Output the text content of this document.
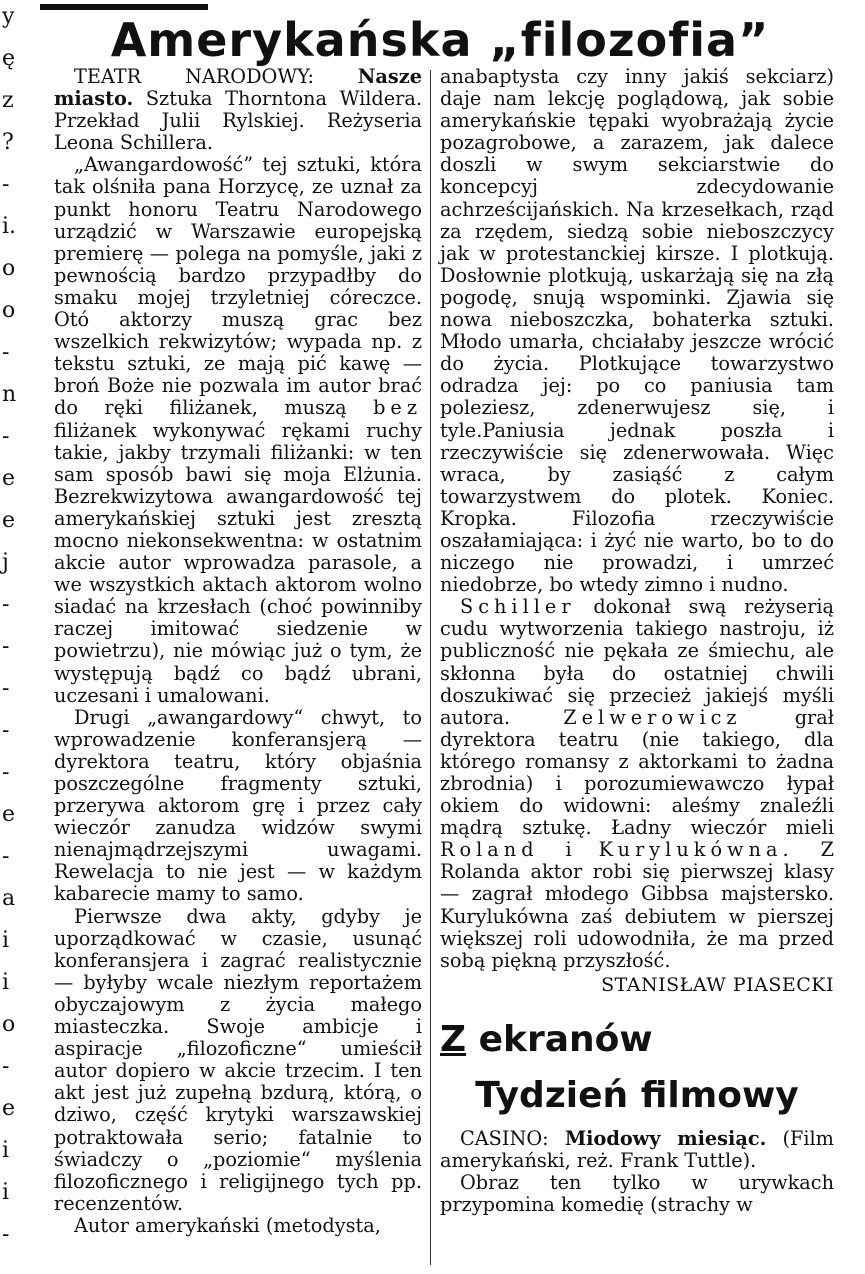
y
ę
z
?
-
i.
o
o
-
n
-
e
e
j
-
-
-
-
-
e
-
a
i
i
o
-
e
i
i
-
Amerykańska „filozofia”

TEATR NARODOWY: Nasze miasto. Sztuka Thorntona Wildera. Przekład Julii Rylskiej. Reżyseria Leona Schillera.

„Awangardowość” tej sztuki, która tak olśniła pana Horzycę, ze uznał za punkt honoru Teatru Narodowego urządzić w Warszawie europejską premierę — polega na pomyśle, jaki z pewnością bardzo przypadłby do smaku mojej trzyletniej córeczce. Otó aktorzy muszą grac bez wszelkich rekwizytów; wypada np. z tekstu sztuki, ze mają pić kawę — broń Boże nie pozwala im autor brać do ręki filiżanek, muszą bez filiżanek wykonywać rękami ruchy takie, jakby trzymali filiżanki: w ten sam sposób bawi się moja Elżunia. Bezrekwizytowa awangardowość tej amerykańskiej sztuki jest zresztą mocno niekonsekwentna: w ostatnim akcie autor wprowadza parasole, a we wszystkich aktach aktorom wolno siadać na krzesłach (choć powinniby raczej imitować siedzenie w powietrzu), nie mówiąc już o tym, że występują bądź co bądź ubrani, uczesani i umalowani.

Drugi „awangardowy“ chwyt, to wprowadzenie konferansjerą — dyrektora teatru, który objaśnia poszczególne fragmenty sztuki, przerywa aktorom grę i przez cały wieczór zanudza widzów swymi nienajmądrzejszymi uwagami. Rewelacja to nie jest — w każdym kabarecie mamy to samo.

Pierwsze dwa akty, gdyby je uporządkować w czasie, usunąć konferansjera i zagrać realistycznie — byłyby wcale niezłym reportażem obyczajowym z życia małego miasteczka. Swoje ambicje i aspiracje „filozoficzne“ umieścił autor dopiero w akcie trzecim. I ten akt jest już zupełną bzdurą, którą, o dziwo, część krytyki warszawskiej potraktowała serio; fatalnie to świadczy o „poziomie“ myślenia filozoficznego i religijnego tych pp. recenzentów.

Autor amerykański (metodysta,

anabaptysta czy inny jakiś sekciarz) daje nam lekcję poglądową, jak sobie amerykańskie tępaki wyobrażają życie pozagrobowe, a zarazem, jak dalece doszli w swym sekciarstwie do koncepcyj zdecydowanie achrześcijańskich. Na krzesełkach, rząd za rzędem, siedzą sobie nieboszczycy jak w protestanckiej kirsze. I plotkują. Dosłownie plotkują, uskarżają się na złą pogodę, snują wspominki. Zjawia się nowa nieboszczka, bohaterka sztuki. Młodo umarła, chciałaby jeszcze wrócić do życia. Plotkujące towarzystwo odradza jej: po co paniusia tam poleziesz, zdenerwujesz się, i tyle.Paniusia jednak poszła i rzeczywiście się zdenerwowała. Więc wraca, by zasiąść z całym towarzystwem do plotek. Koniec. Kropka. Filozofia rzeczywiście oszałamiająca: i żyć nie warto, bo to do niczego nie prowadzi, i umrzeć niedobrze, bo wtedy zimno i nudno.

Schiller dokonał swą reżyserią cudu wytworzenia takiego nastroju, iż publiczność nie pękała ze śmiechu, ale skłonna była do ostatniej chwili doszukiwać się przecież jakiejś myśli autora.	Zelwerowicz	grał dyrektora teatru (nie takiego, dla którego romansy z aktorkami to żadna zbrodnia) i porozumiewawczo łypał okiem do widowni: aleśmy znaleźli mądrą sztukę. Ładny wieczór mieli Roland i Kurylukówna. Z Rolanda aktor robi się pierwszej klasy — zagrał młodego Gibbsa majstersko. Kurylukówna zaś debiutem w pierszej większej roli udowodniła, że ma przed sobą piękną przyszłość.

STANISŁAW PIASECKI
Z ekranów
Tydzień filmowy

CASINO: Miodowy miesiąc. (Film amerykański, reż. Frank Tuttle).

Obraz ten tylko w urywkach przypomina komedię (strachy w
